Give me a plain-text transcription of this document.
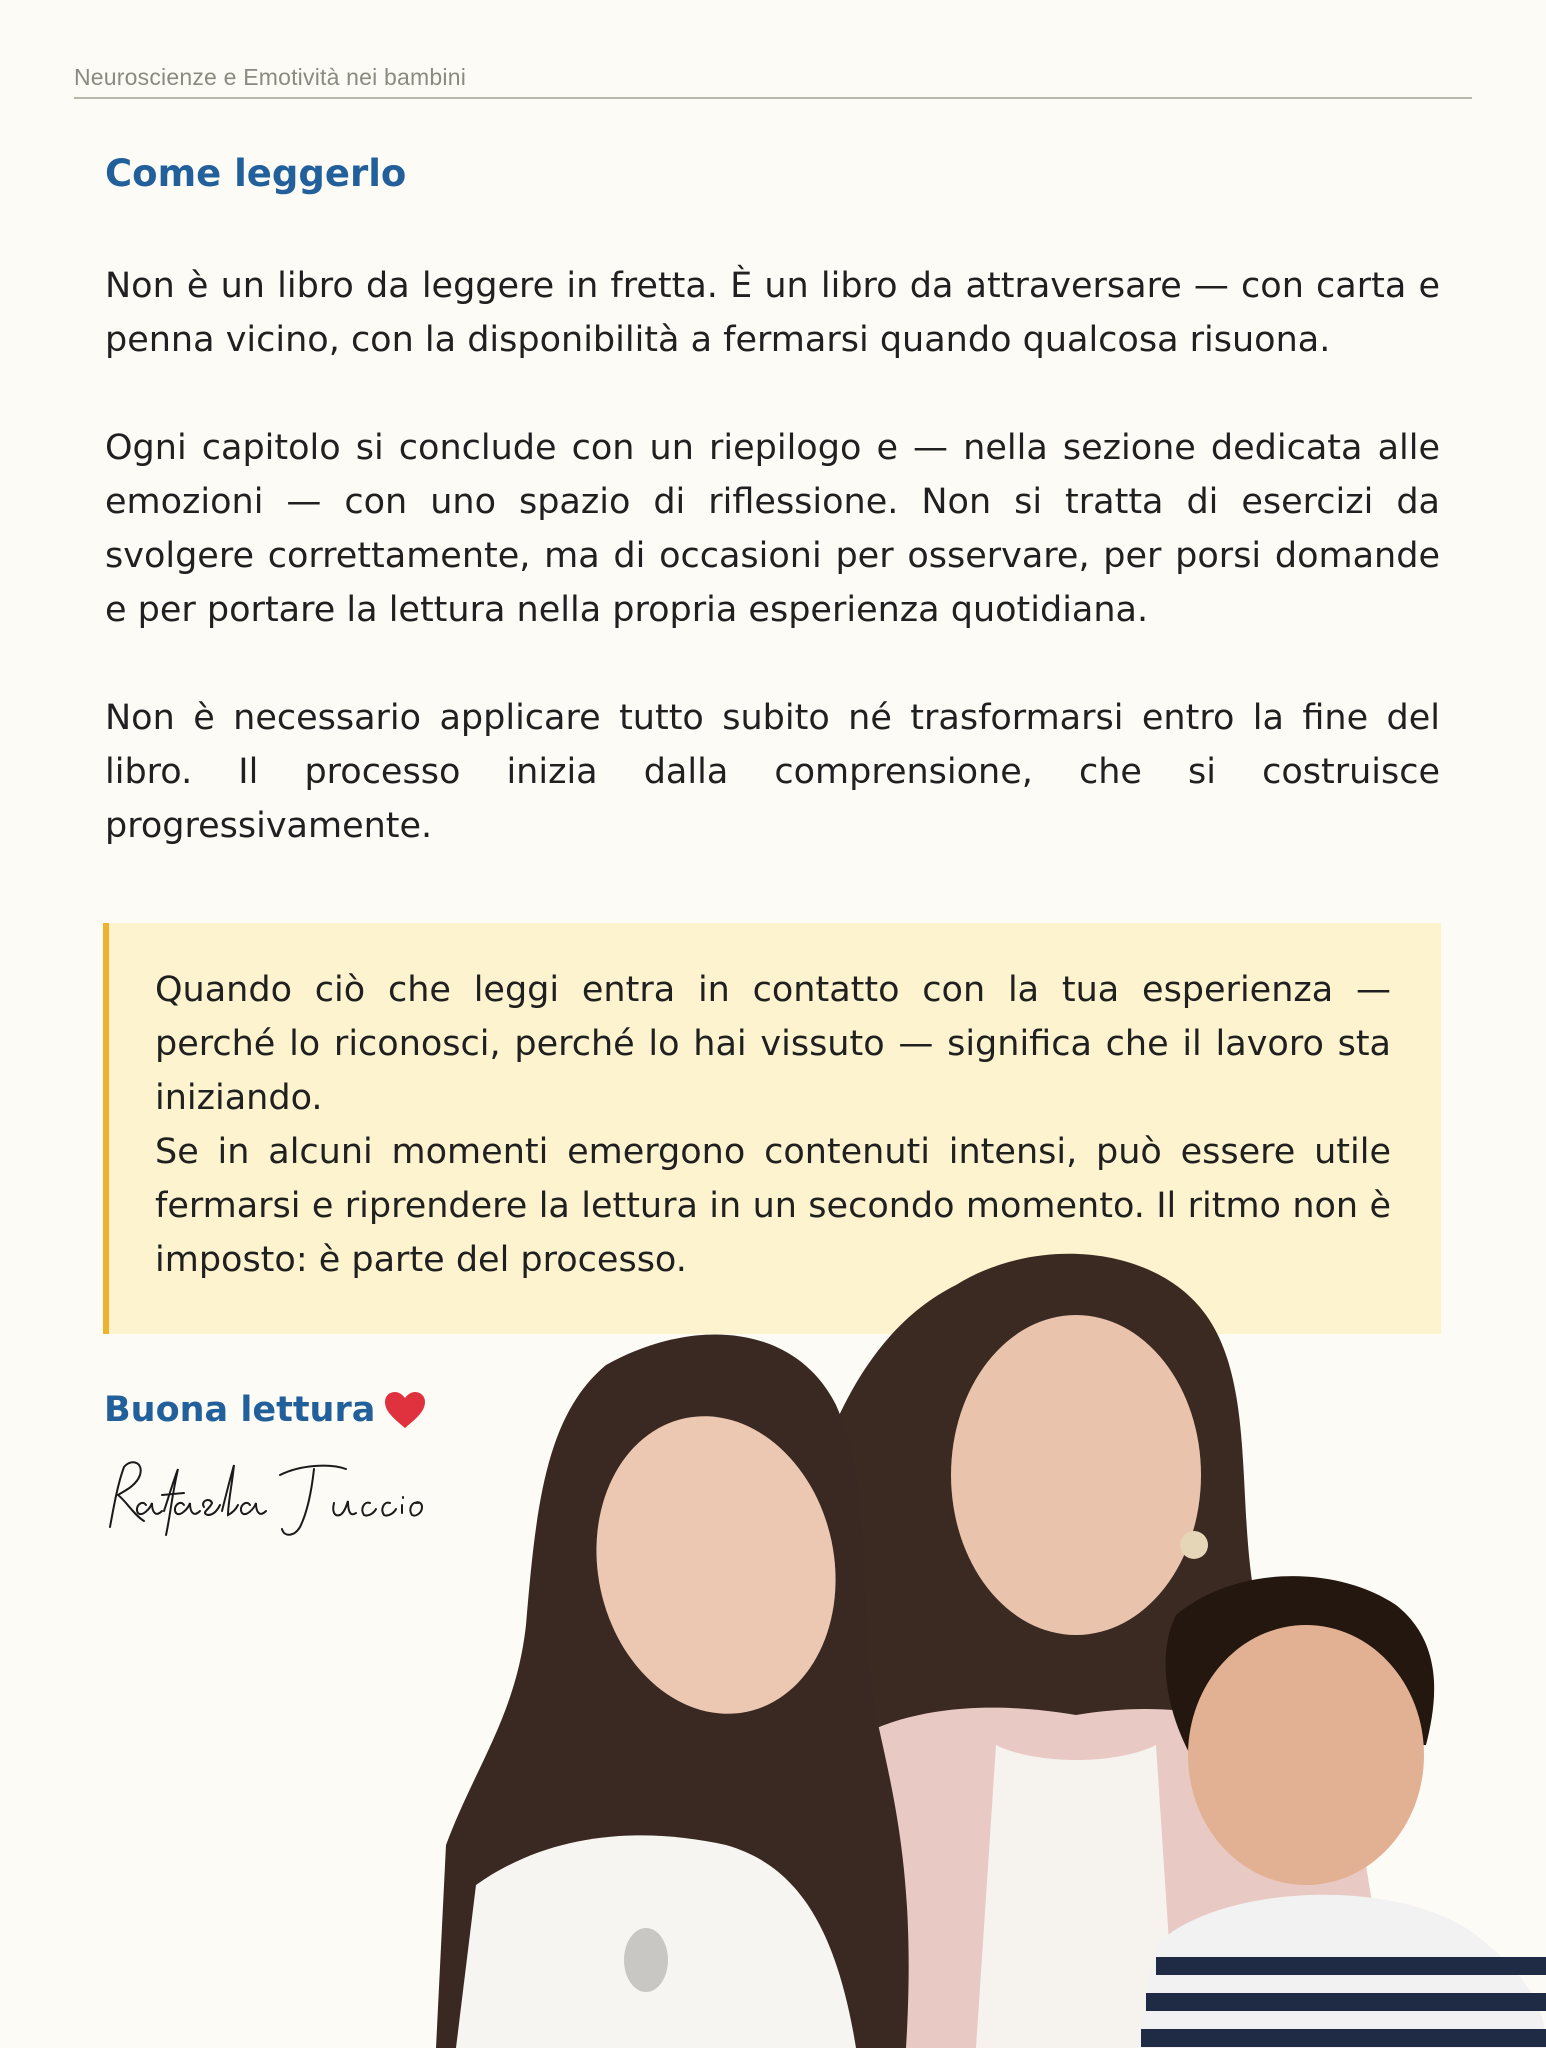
Neuroscienze e Emotività nei bambini
Come leggerlo

Non è un libro da leggere in fretta. È un libro da attraversare — con carta e penna vicino, con la disponibilità a fermarsi quando qualcosa risuona.

Ogni capitolo si conclude con un riepilogo e — nella sezione dedicata alle emozioni — con uno spazio di riflessione. Non si tratta di esercizi da svolgere correttamente, ma di occasioni per osservare, per porsi domande e per portare la lettura nella propria esperienza quotidiana.

Non è necessario applicare tutto subito né trasformarsi entro la fine del libro. Il processo inizia dalla comprensione, che si costruisce progressivamente.

Quando ciò che leggi entra in contatto con la tua esperienza — perché lo riconosci, perché lo hai vissuto — significa che il lavoro sta iniziando.

Se in alcuni momenti emergono contenuti intensi, può essere utile fermarsi e riprendere la lettura in un secondo momento. Il ritmo non è imposto: è parte del processo.

Buona lettura
